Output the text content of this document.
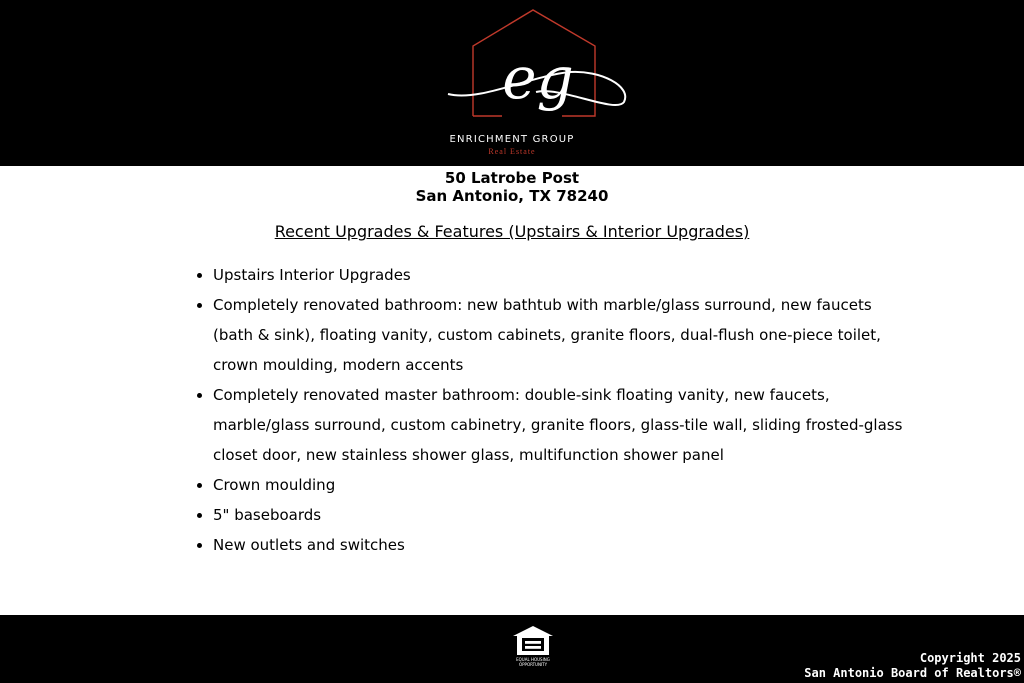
eg
ENRICHMENT GROUP
Real Estate
50 Latrobe Post
San Antonio, TX 78240
Recent Upgrades & Features (Upstairs & Interior Upgrades)
• Upstairs Interior Upgrades
• Completely renovated bathroom: new bathtub with marble/glass surround, new faucets (bath & sink), floating vanity, custom cabinets, granite floors, dual-flush one-piece toilet, crown moulding, modern accents
• Completely renovated master bathroom: double-sink floating vanity, new faucets, marble/glass surround, custom cabinetry, granite floors, glass-tile wall, sliding frosted-glass closet door, new stainless shower glass, multifunction shower panel
• Crown moulding
• 5" baseboards
• New outlets and switches
EQUAL HOUSING OPPORTUNITY	Copyright 2025
San Antonio Board of Realtors®
